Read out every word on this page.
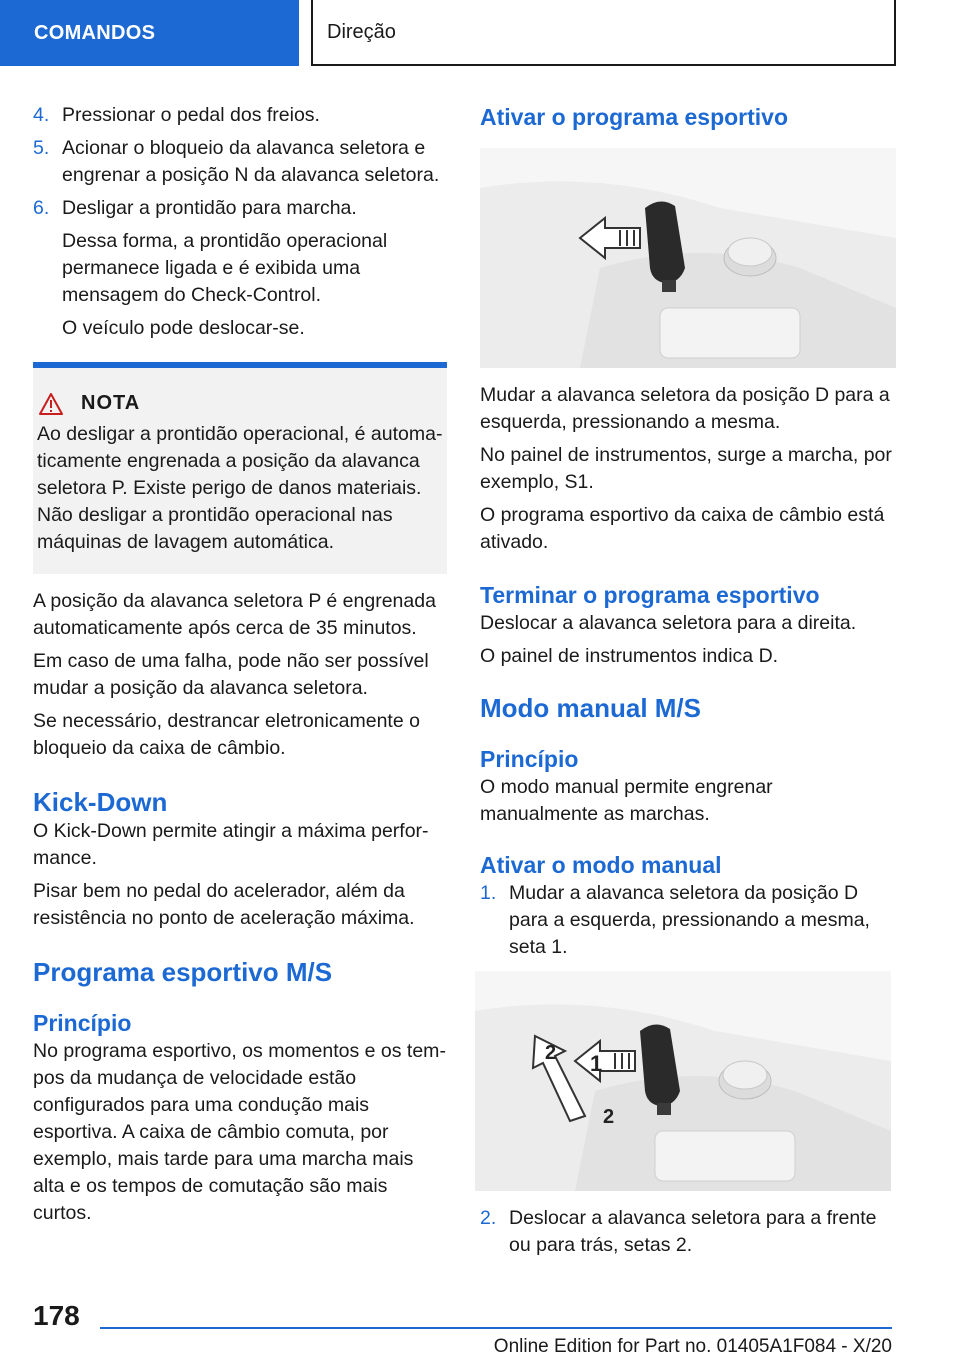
COMANDOS	Direção
4. Pressionar o pedal dos freios.
5. Acionar o bloqueio da alavanca seletora e engrenar a posição N da alavanca seletora.
6. Desligar a prontidão para marcha.

Dessa forma, a prontidão operacional permanece ligada e é exibida uma mensagem do Check-Control.

O veículo pode deslocar-se.

NOTA
Ao desligar a prontidão operacional, é automaticamente engrenada a posição da alavanca seletora P. Existe perigo de danos materiais. Não desligar a prontidão operacional nas máquinas de lavagem automática.

A posição da alavanca seletora P é engrenada automaticamente após cerca de 35 minutos.

Em caso de uma falha, pode não ser possível mudar a posição da alavanca seletora.

Se necessário, destrancar eletronicamente o bloqueio da caixa de câmbio.

Kick-Down

O Kick-Down permite atingir a máxima performance.

Pisar bem no pedal do acelerador, além da resistência no ponto de aceleração máxima.

Programa esportivo M/S
Princípio

No programa esportivo, os momentos e os tempos da mudança de velocidade estão configurados para uma condução mais esportiva. A caixa de câmbio comuta, por exemplo, mais tarde para uma marcha mais alta e os tempos de comutação são mais curtos.

Ativar o programa esportivo

Mudar a alavanca seletora da posição D para a esquerda, pressionando a mesma.

No painel de instrumentos, surge a marcha, por exemplo, S1.

O programa esportivo da caixa de câmbio está ativado.

Terminar o programa esportivo

Deslocar a alavanca seletora para a direita.

O painel de instrumentos indica D.

Modo manual M/S
Princípio

O modo manual permite engrenar manualmente as marchas.

Ativar o modo manual
1. Mudar a alavanca seletora da posição D para a esquerda, pressionando a mesma, seta 1.
1
2
2
2. Deslocar a alavanca seletora para a frente ou para trás, setas 2.
178
Online Edition for Part no. 01405A1F084 - X/20
